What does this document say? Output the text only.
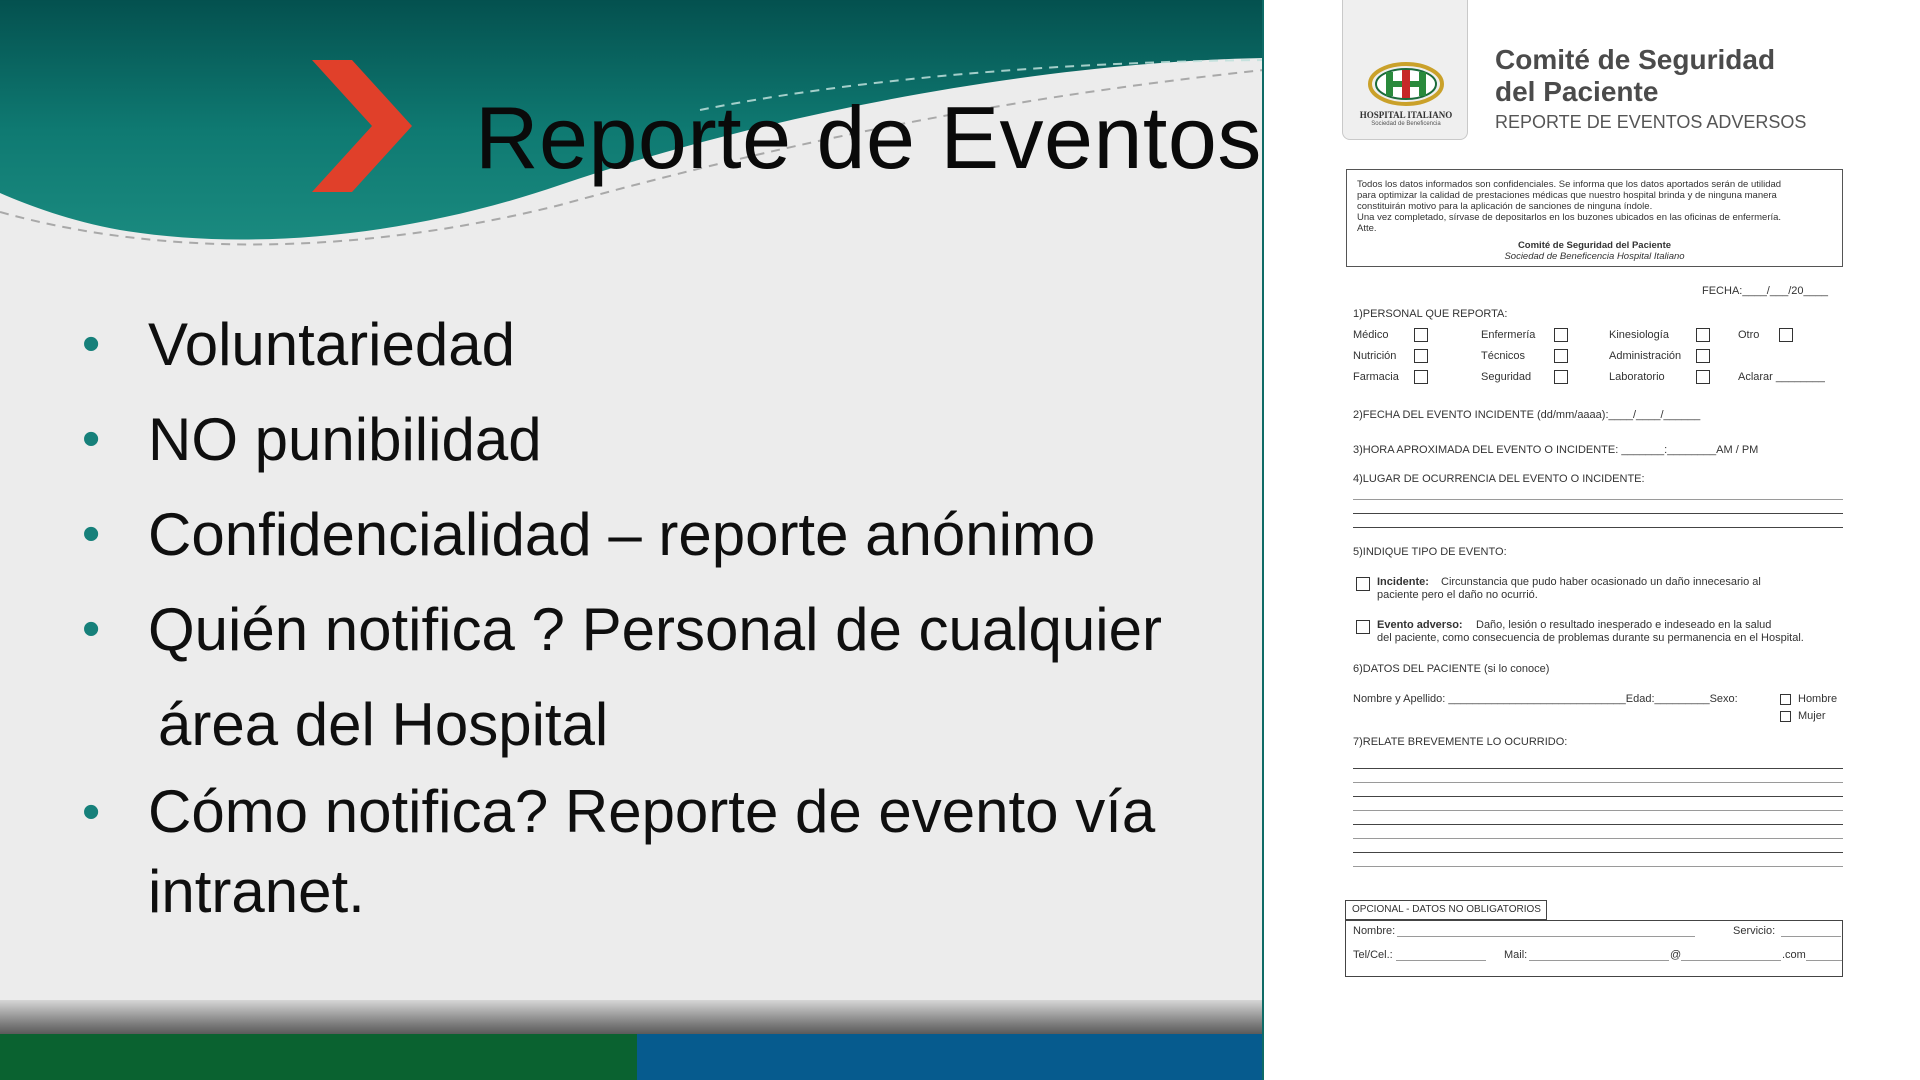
Reporte de Eventos
• Voluntariedad
• NO punibilidad
• Confidencialidad – reporte anónimo
• Quién notifica ? Personal de cualquier
área del Hospital
• Cómo notifica? Reporte de evento vía
intranet.
HOSPITAL ITALIANO
Sociedad de Beneficencia
Comité de Seguridad
del Paciente
REPORTE DE EVENTOS ADVERSOS
Todos los datos informados son confidenciales. Se informa que los datos aportados serán de utilidad
para optimizar la calidad de prestaciones médicas que nuestro hospital brinda y de ninguna manera
constituirán motivo para la aplicación de sanciones de ninguna índole.
Una vez completado, sírvase de depositarlos en los buzones ubicados en las oficinas de enfermería.
Atte.
Comité de Seguridad del Paciente
Sociedad de Beneficencia Hospital Italiano
FECHA:____/___/20____
1)PERSONAL QUE REPORTA:
Médico	Enfermería	Kinesiología	Otro
Nutrición	Técnicos	Administración
Farmacia	Seguridad	Laboratorio	Aclarar ________
2)FECHA DEL EVENTO INCIDENTE (dd/mm/aaaa):____/____/______
3)HORA APROXIMADA DEL EVENTO O INCIDENTE: _______:________AM / PM
4)LUGAR DE OCURRENCIA DEL EVENTO O INCIDENTE:
5)INDIQUE TIPO DE EVENTO:
Incidente: Circunstancia que pudo haber ocasionado un daño innecesario al
paciente pero el daño no ocurrió.
Evento adverso: Daño, lesión o resultado inesperado e indeseado en la salud
del paciente, como consecuencia de problemas durante su permanencia en el Hospital.
6)DATOS DEL PACIENTE (si lo conoce)
Nombre y Apellido: _____________________________Edad:_________Sexo:	Hombre
Mujer
7)RELATE BREVEMENTE LO OCURRIDO:
OPCIONAL - DATOS NO OBLIGATORIOS
Nombre:	Servicio:
Tel/Cel.:	Mail:	@	.com
